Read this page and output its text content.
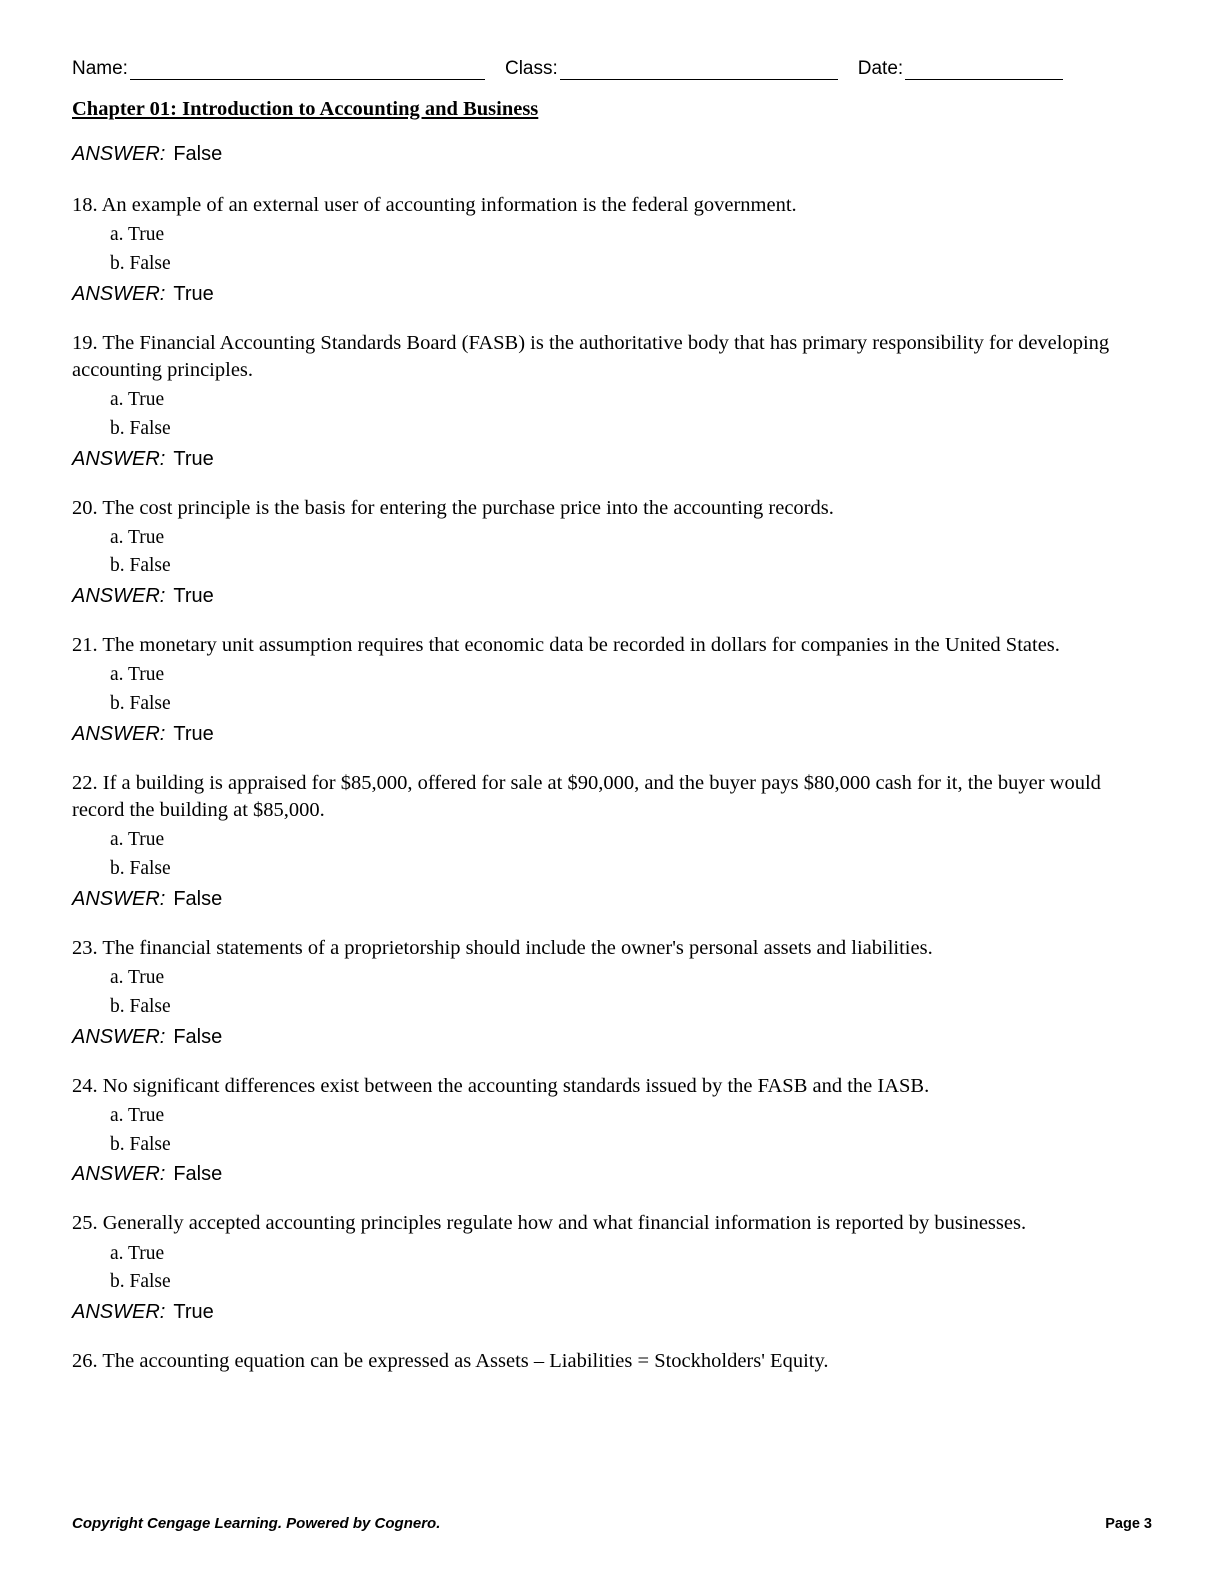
Name:	Class:	Date:
Chapter 01: Introduction to Accounting and Business
ANSWER: False

18. An example of an external user of accounting information is the federal government.

a. True
b. False
ANSWER: True

19. The Financial Accounting Standards Board (FASB) is the authoritative body that has primary responsibility for developing accounting principles.

a. True
b. False
ANSWER: True

20. The cost principle is the basis for entering the purchase price into the accounting records.

a. True
b. False
ANSWER: True

21. The monetary unit assumption requires that economic data be recorded in dollars for companies in the United States.

a. True
b. False
ANSWER: True

22. If a building is appraised for $85,000, offered for sale at $90,000, and the buyer pays $80,000 cash for it, the buyer would record the building at $85,000.

a. True
b. False
ANSWER: False

23. The financial statements of a proprietorship should include the owner's personal assets and liabilities.

a. True
b. False
ANSWER: False

24. No significant differences exist between the accounting standards issued by the FASB and the IASB.

a. True
b. False
ANSWER: False

25. Generally accepted accounting principles regulate how and what financial information is reported by businesses.

a. True
b. False
ANSWER: True

26. The accounting equation can be expressed as Assets – Liabilities = Stockholders' Equity.

Copyright Cengage Learning. Powered by Cognero.	Page 3
